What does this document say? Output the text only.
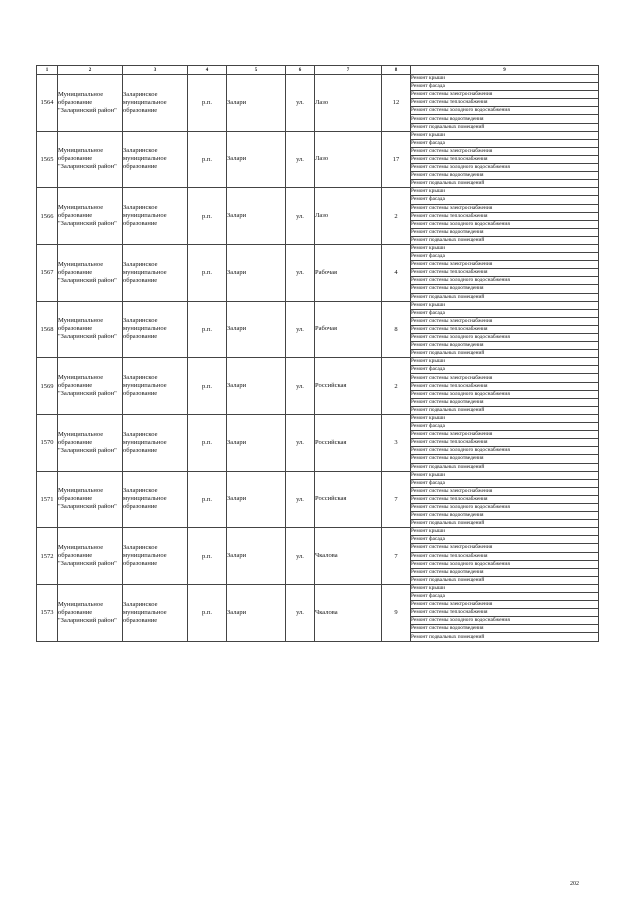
1	2	3	4	5	6	7	8	9
1564	Муниципальное образование "Заларинский район"	Заларинское муниципальное образование	р.п.	Залари	ул.	Лазо	12	Ремонт крыши
								Ремонт фасада
								Ремонт системы электроснабжения
								Ремонт системы теплоснабжения
								Ремонт системы холодного водоснабжения
								Ремонт системы водоотведения
								Ремонт подвальных помещений
1565	Муниципальное образование "Заларинский район"	Заларинское муниципальное образование	р.п.	Залари	ул.	Лазо	17	Ремонт крыши
								Ремонт фасада
								Ремонт системы электроснабжения
								Ремонт системы теплоснабжения
								Ремонт системы холодного водоснабжения
								Ремонт системы водоотведения
								Ремонт подвальных помещений
1566	Муниципальное образование "Заларинский район"	Заларинское муниципальное образование	р.п.	Залари	ул.	Лазо	2	Ремонт крыши
								Ремонт фасада
								Ремонт системы электроснабжения
								Ремонт системы теплоснабжения
								Ремонт системы холодного водоснабжения
								Ремонт системы водоотведения
								Ремонт подвальных помещений
1567	Муниципальное образование "Заларинский район"	Заларинское муниципальное образование	р.п.	Залари	ул.	Рабочая	4	Ремонт крыши
								Ремонт фасада
								Ремонт системы электроснабжения
								Ремонт системы теплоснабжения
								Ремонт системы холодного водоснабжения
								Ремонт системы водоотведения
								Ремонт подвальных помещений
1568	Муниципальное образование "Заларинский район"	Заларинское муниципальное образование	р.п.	Залари	ул.	Рабочая	8	Ремонт крыши
								Ремонт фасада
								Ремонт системы электроснабжения
								Ремонт системы теплоснабжения
								Ремонт системы холодного водоснабжения
								Ремонт системы водоотведения
								Ремонт подвальных помещений
1569	Муниципальное образование "Заларинский район"	Заларинское муниципальное образование	р.п.	Залари	ул.	Российская	2	Ремонт крыши
								Ремонт фасада
								Ремонт системы электроснабжения
								Ремонт системы теплоснабжения
								Ремонт системы холодного водоснабжения
								Ремонт системы водоотведения
								Ремонт подвальных помещений
1570	Муниципальное образование "Заларинский район"	Заларинское муниципальное образование	р.п.	Залари	ул.	Российская	3	Ремонт крыши
								Ремонт фасада
								Ремонт системы электроснабжения
								Ремонт системы теплоснабжения
								Ремонт системы холодного водоснабжения
								Ремонт системы водоотведения
								Ремонт подвальных помещений
1571	Муниципальное образование "Заларинский район"	Заларинское муниципальное образование	р.п.	Залари	ул.	Российская	7	Ремонт крыши
								Ремонт фасада
								Ремонт системы электроснабжения
								Ремонт системы теплоснабжения
								Ремонт системы холодного водоснабжения
								Ремонт системы водоотведения
								Ремонт подвальных помещений
1572	Муниципальное образование "Заларинский район"	Заларинское муниципальное образование	р.п.	Залари	ул.	Чкалова	7	Ремонт крыши
								Ремонт фасада
								Ремонт системы электроснабжения
								Ремонт системы теплоснабжения
								Ремонт системы холодного водоснабжения
								Ремонт системы водоотведения
								Ремонт подвальных помещений
1573	Муниципальное образование "Заларинский район"	Заларинское муниципальное образование	р.п.	Залари	ул.	Чкалова	9	Ремонт крыши
								Ремонт фасада
								Ремонт системы электроснабжения
								Ремонт системы теплоснабжения
								Ремонт системы холодного водоснабжения
								Ремонт системы водоотведения
								Ремонт подвальных помещений
202
